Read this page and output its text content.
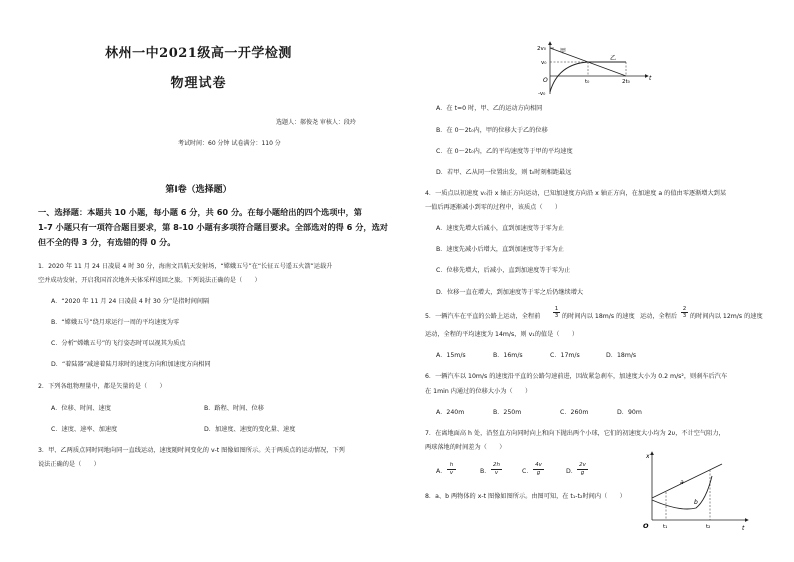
林州一中2021级高一开学检测
物理试卷
选题人：郝俊尧 审核人：段玲
考试时间：60 分钟 试卷满分：110 分
第Ⅰ卷（选择题）
一、选择题：本题共 10 小题，每小题 6 分，共 60 分。在每小题给出的四个选项中，第
1-7 小题只有一项符合题目要求，第 8-10 小题有多项符合题目要求。全部选对的得 6 分，选对
但不全的得 3 分，有选错的得 0 分。
1．2020 年 11 月 24 日凌晨 4 时 30 分，海南文昌航天发射场，“嫦娥五号”在“长征五号遥五火箭”运载升
空并成功发射，开启我国首次地外天体采样返回之旅。下列说法正确的是（　　）
A．“2020 年 11 月 24 日凌晨 4 时 30 分”是指时间间隔
B．“嫦娥五号”绕月球运行一周的平均速度为零
C．分析“嫦娥五号”的飞行姿态时可以视其为质点
D．“着陆器”减速着陆月球时的速度方向和加速度方向相同
2．下列各组物理量中，都是矢量的是（　　）
A．位移、时间、速度	B．路程、时间、位移
C．速度、速率、加速度	D．加速度、速度的变化量、速度
3．甲、乙两质点同时同地向同一直线运动，速度随时间变化的 v-t 图像如图所示。关于两质点的运动情况，下列
说法正确的是（　　）
2v₀
v₀
-v₀
O	t₀	2t₀	t
甲
乙
A．在 t=0 时，甲、乙的运动方向相同
B．在 0～2t₀内，甲的位移大于乙的位移
C．在 0～2t₀内，乙的平均速度等于甲的平均速度
D．若甲、乙从同一位置出发，则 t₀时刻相距最远
4．一质点以初速度 v₀沿 x 轴正方向运动，已知加速度方向沿 x 轴正方向，在加速度 a 的值由零逐渐增大到某
一值后再逐渐减小到零的过程中，该质点（　　）
A．速度先增大后减小，直到加速度等于零为止
B．速度先减小后增大，直到加速度等于零为止
C．位移先增大，后减小，直到加速度等于零为止
D．位移一直在增大，到加速度等于零之后仍继续增大
5．一辆汽车在平直的公路上运动，全程前
1
3 的时间内以 18m/s 的速度 运动，全程后
2
3 的时间内以 12m/s 的速度
运动，全程的平均速度为 14m/s，则 v₁的值是（　　）
A．15m/s	B．16m/s	C．17m/s	D．18m/s
6．一辆汽车以 10m/s 的速度沿平直的公路匀速前进，因故紧急刹车，加速度大小为 0.2 m/s²，则刹车后汽车
在 1min 内通过的位移大小为（　　）
A．240m	B．250m	C．260m	D．90m
7．在离地面高 h 处，沿竖直方向同时向上和向下抛出两个小球，它们的初速度大小均为 2υ，不计空气阻力，
两球落地的时间差为（　　）
A．
h
v	B．
2h
v	C．
4v
g	D．
2v
g
8．a、b 两物体的 x-t 图像如图所示。由图可知，在 t₁-t₂时间内（　　）
x
t
O	t₁	t₂
a
b
